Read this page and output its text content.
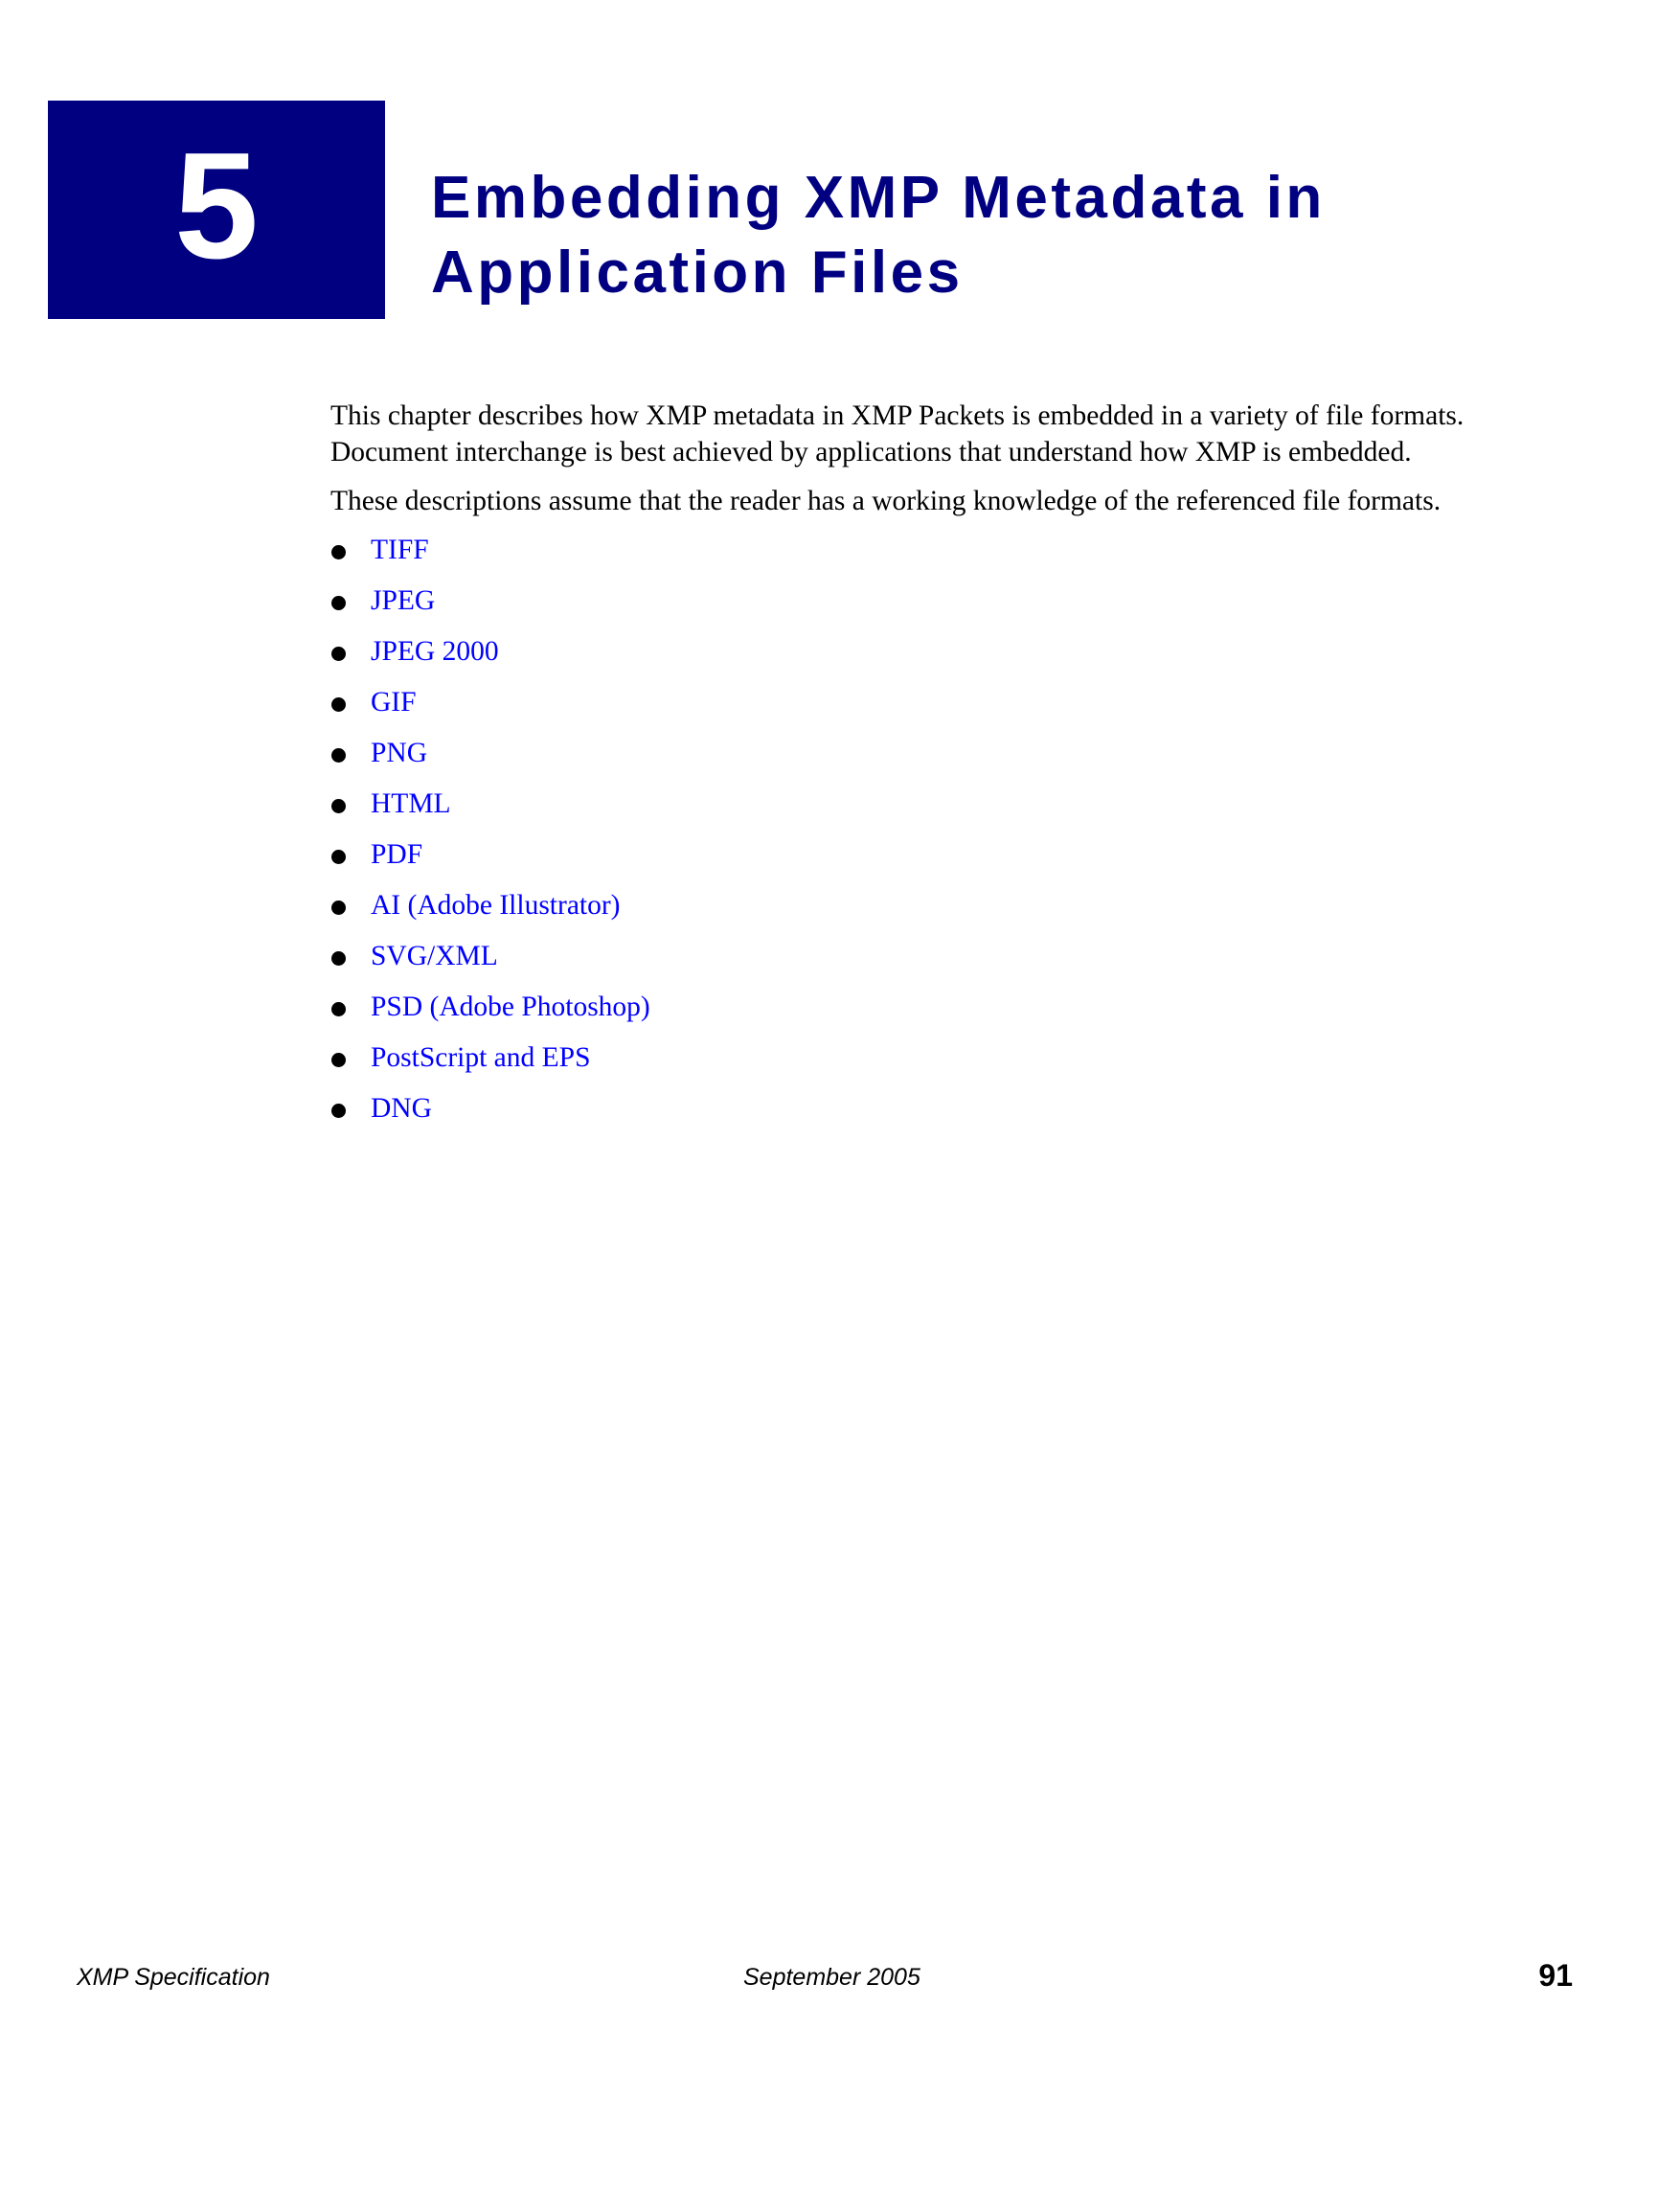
5	Embedding XMP Metadata in Application Files

This chapter describes how XMP metadata in XMP Packets is embedded in a variety of file formats. Document interchange is best achieved by applications that understand how XMP is embedded.

These descriptions assume that the reader has a working knowledge of the referenced file formats.

TIFF
JPEG
JPEG 2000
GIF
PNG
HTML
PDF
AI (Adobe Illustrator)
SVG/XML
PSD (Adobe Photoshop)
PostScript and EPS
DNG
XMP Specification	September 2005	91
